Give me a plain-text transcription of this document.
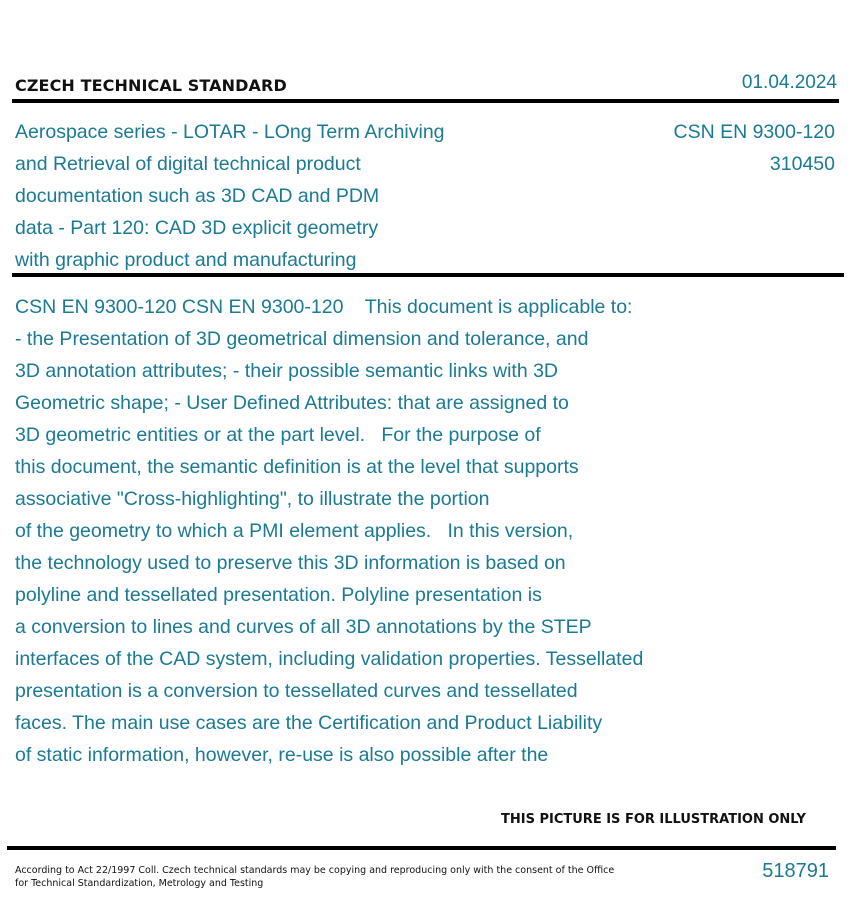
CZECH TECHNICAL STANDARD	01.04.2024
Aerospace series - LOTAR - LOng Term Archiving
and Retrieval of digital technical product
documentation such as 3D CAD and PDM
data - Part 120: CAD 3D explicit geometry
with graphic product and manufacturing
CSN EN 9300-120
310450
CSN EN 9300-120 CSN EN 9300-120    This document is applicable to:
- the Presentation of 3D geometrical dimension and tolerance, and
3D annotation attributes; - their possible semantic links with 3D
Geometric shape; - User Defined Attributes: that are assigned to
3D geometric entities or at the part level.   For the purpose of
this document, the semantic definition is at the level that supports
associative "Cross-highlighting", to illustrate the portion
of the geometry to which a PMI element applies.   In this version,
the technology used to preserve this 3D information is based on
polyline and tessellated presentation. Polyline presentation is
a conversion to lines and curves of all 3D annotations by the STEP
interfaces of the CAD system, including validation properties. Tessellated
presentation is a conversion to tessellated curves and tessellated
faces. The main use cases are the Certification and Product Liability
of static information, however, re-use is also possible after the
THIS PICTURE IS FOR ILLUSTRATION ONLY
According to Act 22/1997 Coll. Czech technical standards may be copying and reproducing only with the consent of the Office
for Technical Standardization, Metrology and Testing
518791
